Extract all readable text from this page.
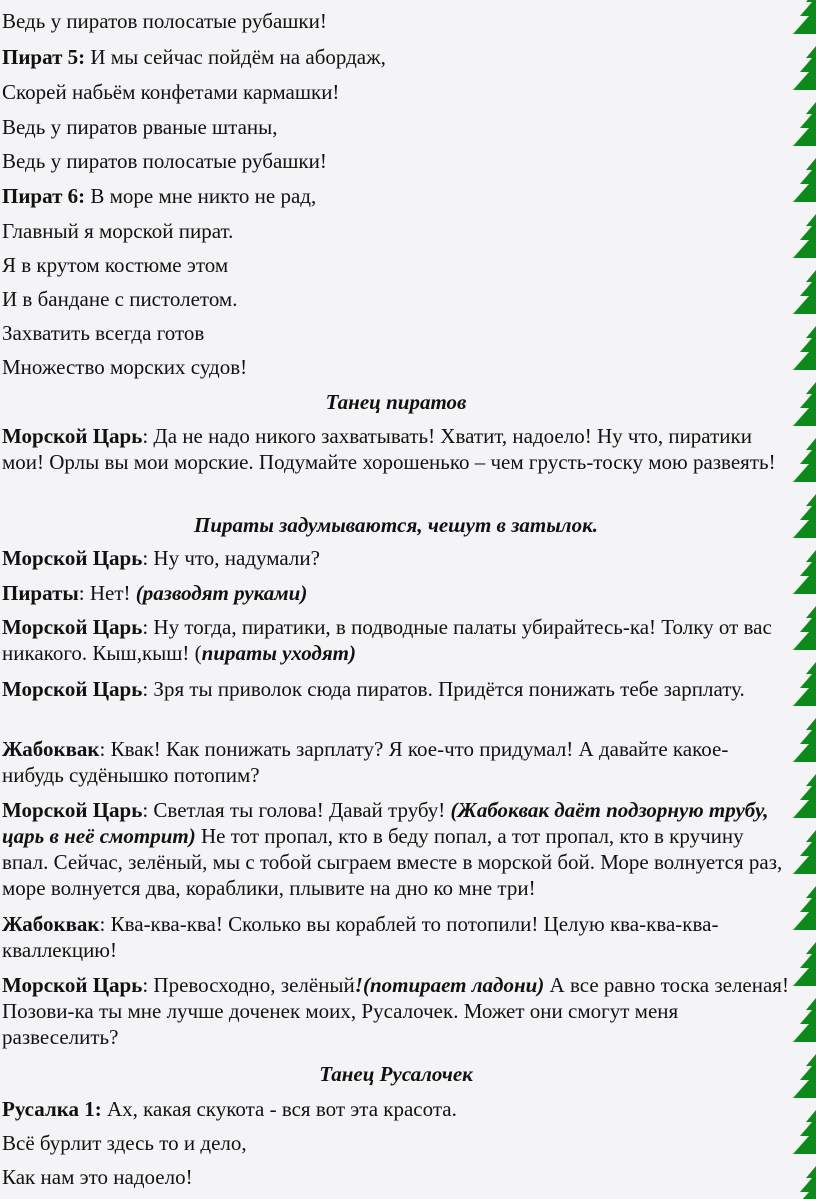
Ведь у пиратов полосатые рубашки!
Пират 5: И мы сейчас пойдём на абордаж,
Скорей набьём конфетами кармашки!
Ведь у пиратов рваные штаны,
Ведь у пиратов полосатые рубашки!
Пират 6: В море мне никто не рад,
Главный я морской пират.
Я в крутом костюме этом
И в бандане с пистолетом.
Захватить всегда готов
Множество морских судов!
Танец пиратов
Морской Царь: Да не надо никого захватывать! Хватит, надоело! Ну что, пиратики мои! Орлы вы мои морские. Подумайте хорошенько – чем грусть-тоску мою развеять!
Пираты задумываются, чешут в затылок.
Морской Царь: Ну что, надумали?
Пираты: Нет! (разводят руками)
Морской Царь: Ну тогда, пиратики, в подводные палаты убирайтесь-ка! Толку от вас никакого. Кыш,кыш! (пираты уходят)
Морской Царь: Зря ты приволок сюда пиратов. Придётся понижать тебе зарплату.
Жабоквак: Квак! Как понижать зарплату? Я кое-что придумал! А давайте какое-нибудь судёнышко потопим?
Морской Царь: Светлая ты голова! Давай трубу! (Жабоквак даёт подзорную трубу, царь в неё смотрит) Не тот пропал, кто в беду попал, а тот пропал, кто в кручину впал. Сейчас, зелёный, мы с тобой сыграем вместе в морской бой. Море волнуется раз, море волнуется два, кораблики, плывите на дно ко мне три!
Жабоквак: Ква-ква-ква! Сколько вы кораблей то потопили! Целую ква-ква-ква-кваллекцию!
Морской Царь: Превосходно, зелёный!(потирает ладони) А все равно тоска зеленая! Позови-ка ты мне лучше доченек моих, Русалочек. Может они смогут меня развеселить?
Танец Русалочек
Русалка 1: Ах, какая скукота - вся вот эта красота.
Всё бурлит здесь то и дело,
Как нам это надоело!
